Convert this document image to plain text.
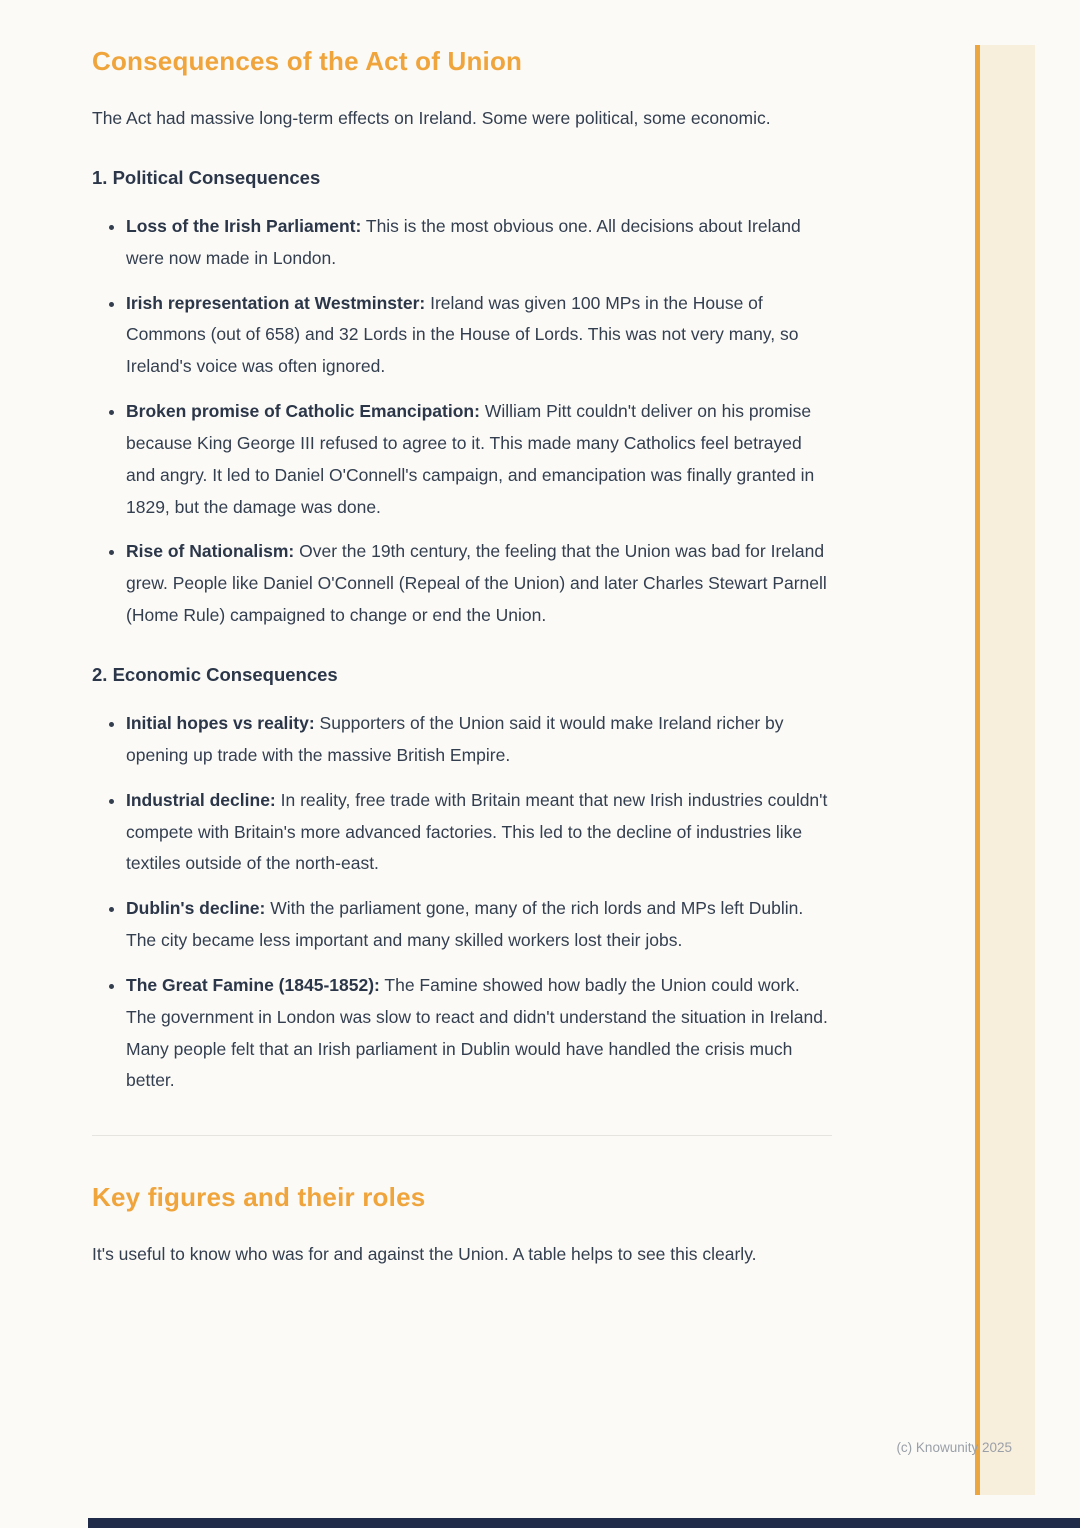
Consequences of the Act of Union

The Act had massive long-term effects on Ireland. Some were political, some economic.

1. Political Consequences
• Loss of the Irish Parliament: This is the most obvious one. All decisions about Ireland were now made in London.
• Irish representation at Westminster: Ireland was given 100 MPs in the House of Commons (out of 658) and 32 Lords in the House of Lords. This was not very many, so Ireland's voice was often ignored.
• Broken promise of Catholic Emancipation: William Pitt couldn't deliver on his promise because King George III refused to agree to it. This made many Catholics feel betrayed and angry. It led to Daniel O'Connell's campaign, and emancipation was finally granted in 1829, but the damage was done.
• Rise of Nationalism: Over the 19th century, the feeling that the Union was bad for Ireland grew. People like Daniel O'Connell (Repeal of the Union) and later Charles Stewart Parnell (Home Rule) campaigned to change or end the Union.
2. Economic Consequences
• Initial hopes vs reality: Supporters of the Union said it would make Ireland richer by opening up trade with the massive British Empire.
• Industrial decline: In reality, free trade with Britain meant that new Irish industries couldn't compete with Britain's more advanced factories. This led to the decline of industries like textiles outside of the north-east.
• Dublin's decline: With the parliament gone, many of the rich lords and MPs left Dublin. The city became less important and many skilled workers lost their jobs.
• The Great Famine (1845-1852): The Famine showed how badly the Union could work. The government in London was slow to react and didn't understand the situation in Ireland. Many people felt that an Irish parliament in Dublin would have handled the crisis much better.
Key figures and their roles

It's useful to know who was for and against the Union. A table helps to see this clearly.

(c) Knowunity 2025
